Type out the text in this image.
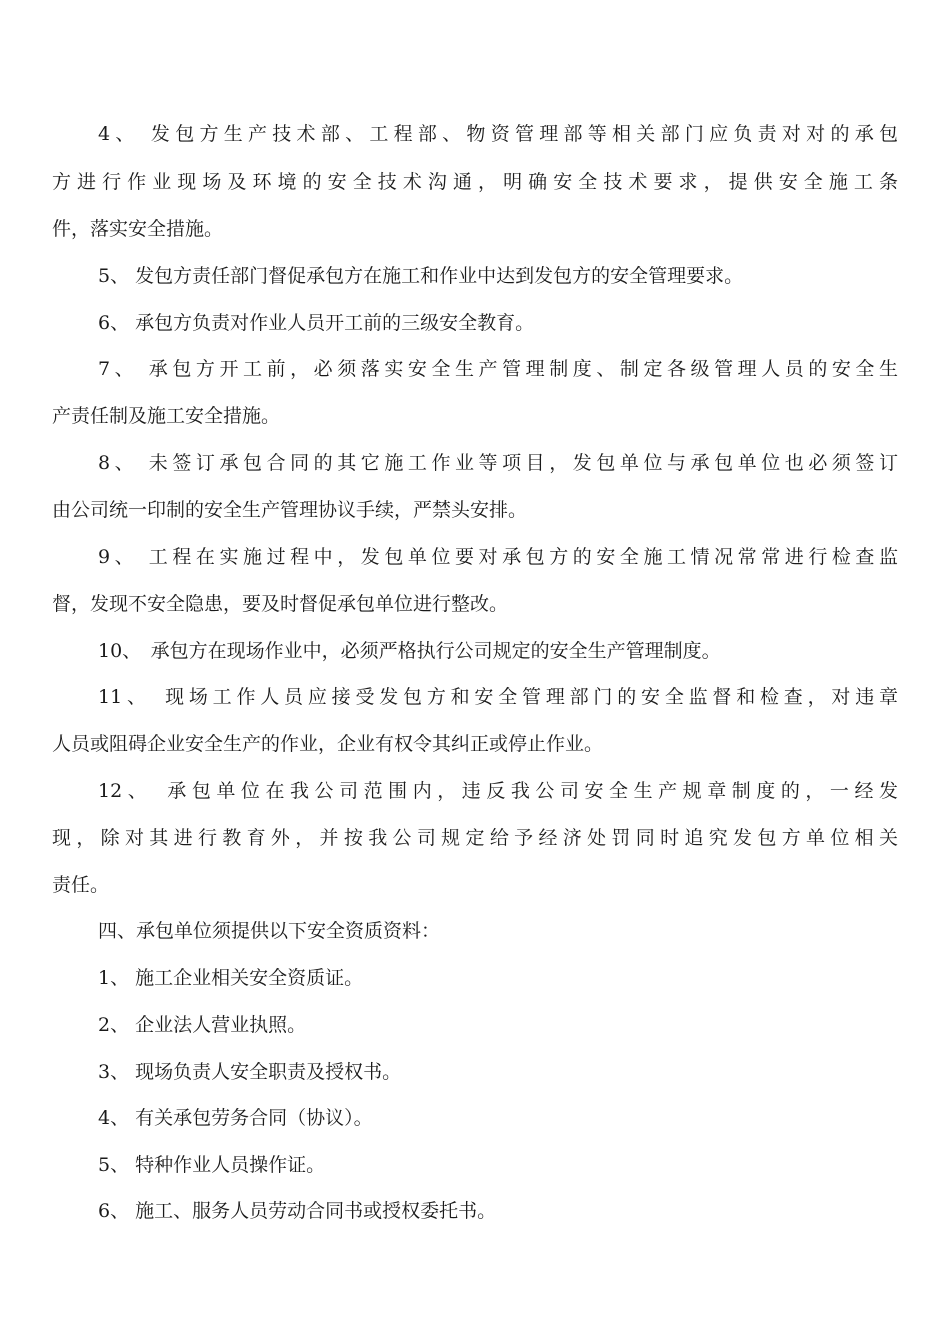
4、 发包方生产技术部、工程部、物资管理部等相关部门应负责对对的承包
方进行作业现场及环境的安全技术沟通，明确安全技术要求，提供安全施工条
件，落实安全措施。
5、 发包方责任部门督促承包方在施工和作业中达到发包方的安全管理要求。
6、 承包方负责对作业人员开工前的三级安全教育。
7、 承包方开工前，必须落实安全生产管理制度、制定各级管理人员的安全生
产责任制及施工安全措施。
8、 未签订承包合同的其它施工作业等项目，发包单位与承包单位也必须签订
由公司统一印制的安全生产管理协议手续，严禁头安排。
9、 工程在实施过程中，发包单位要对承包方的安全施工情况常常进行检查监
督，发现不安全隐患，要及时督促承包单位进行整改。
10、　承包方在现场作业中，必须严格执行公司规定的安全生产管理制度。
11、　现场工作人员应接受发包方和安全管理部门的安全监督和检查，对违章
人员或阻碍企业安全生产的作业，企业有权令其纠正或停止作业。
12、　承包单位在我公司范围内，违反我公司安全生产规章制度的，一经发
现，除对其进行教育外，并按我公司规定给予经济处罚同时追究发包方单位相关
责任。
四、承包单位须提供以下安全资质资料：
1、 施工企业相关安全资质证。
2、 企业法人营业执照。
3、 现场负责人安全职责及授权书。
4、 有关承包劳务合同（协议）。
5、 特种作业人员操作证。
6、 施工、服务人员劳动合同书或授权委托书。
